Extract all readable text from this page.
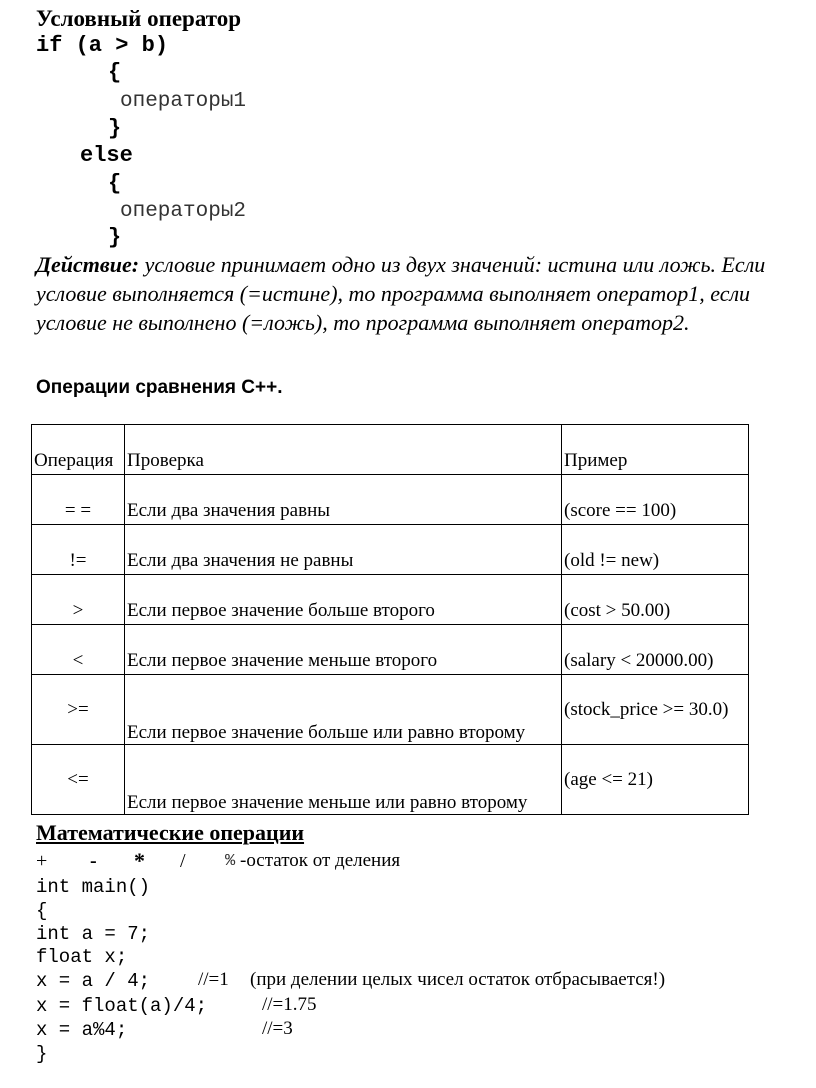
Условный оператор
if (a > b)
{
операторы1
}
else
{
операторы2
}
Действие: условие принимает одно из двух значений: истина или ложь. Если условие выполняется (=истине), то программа выполняет оператор1, если условие не выполнено (=ложь), то программа выполняет оператор2.
Операции сравнения С++.
Операция	Проверка	Пример
= =	Если два значения равны	(score == 100)
!=	Если два значения не равны	(old != new)
>	Если первое значение больше второго	(cost > 50.00)
<	Если первое значение меньше второго	(salary < 20000.00)
>=	Если первое значение больше или равно второму	(stock_price >= 30.0)
<=	Если первое значение меньше или равно второму	(age <= 21)
Математические операции
+ - * / % -остаток от деления
int main()
{
int a = 7;
float x;
x = a / 4;	//=1 (при делении целых чисел остаток отбрасывается!)
x = float(a)/4;	//=1.75
x = a%4;	//=3
}
